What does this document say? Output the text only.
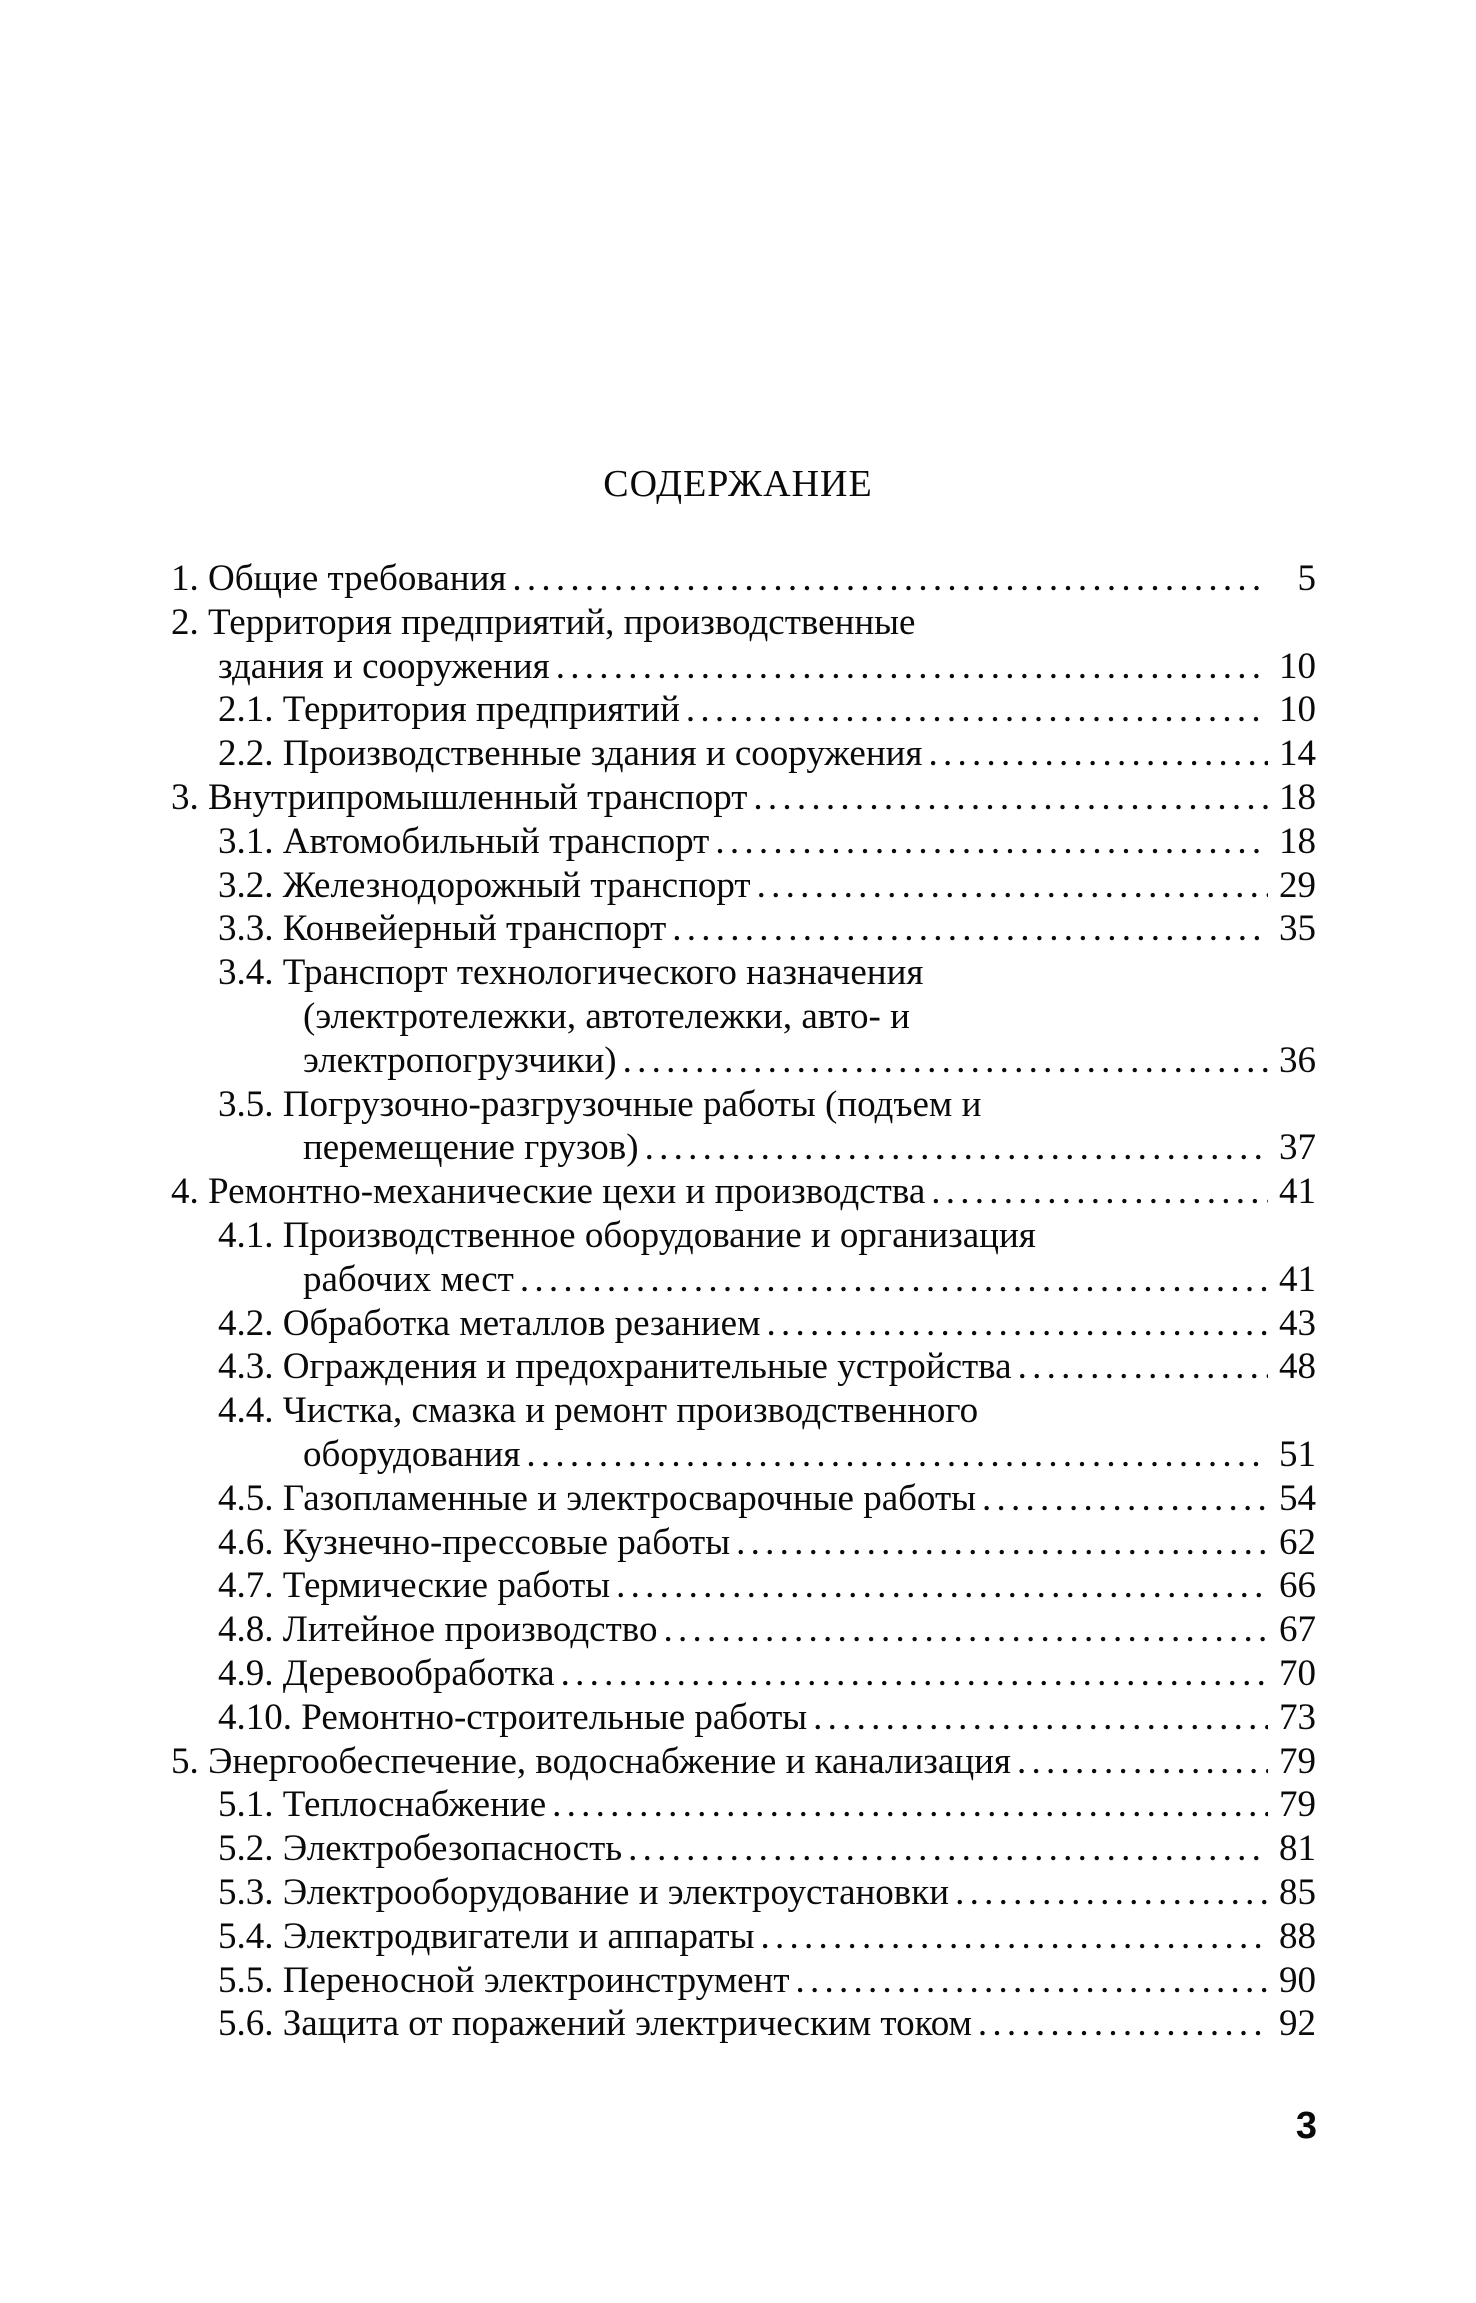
СОДЕРЖАНИЕ
1. Общие требования . . .	5
2. Территория предприятий, производственные
здания и сооружения . . .	10
2.1. Территория предприятий . . .	10
2.2. Производственные здания и сооружения . . .	14
3. Внутрипромышленный транспорт . . .	18
3.1. Автомобильный транспорт . . .	18
3.2. Железнодорожный транспорт . . .	29
3.3. Конвейерный транспорт . . .	35
3.4. Транспорт технологического назначения
(электротележки, автотележки, авто- и
электропогрузчики) . . .	36
3.5. Погрузочно-разгрузочные работы (подъем и
перемещение грузов) . . .	37
4. Ремонтно-механические цехи и производства . . .	41
4.1. Производственное оборудование и организация
рабочих мест . . .	41
4.2. Обработка металлов резанием . . .	43
4.3. Ограждения и предохранительные устройства . . .	48
4.4. Чистка, смазка и ремонт производственного
оборудования . . .	51
4.5. Газопламенные и электросварочные работы . . .	54
4.6. Кузнечно-прессовые работы . . .	62
4.7. Термические работы . . .	66
4.8. Литейное производство . . .	67
4.9. Деревообработка . . .	70
4.10. Ремонтно-строительные работы . . .	73
5. Энергообеспечение, водоснабжение и канализация . . .	79
5.1. Теплоснабжение . . .	79
5.2. Электробезопасность . . .	81
5.3. Электрооборудование и электроустановки . . .	85
5.4. Электродвигатели и аппараты . . .	88
5.5. Переносной электроинструмент . . .	90
5.6. Защита от поражений электрическим током . . .	92
3
